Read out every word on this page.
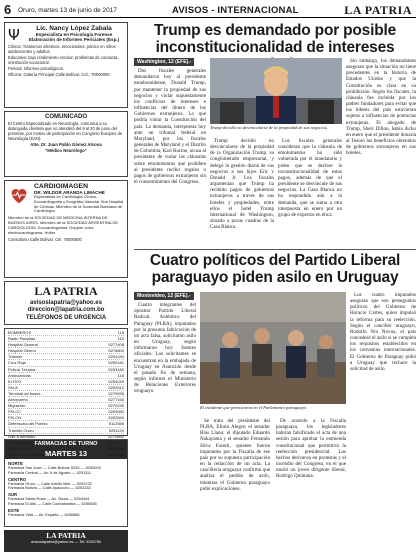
6 Oruro, martes 13 de junio de 2017	AVISOS - INTERNACIONAL	LA PATRIA
Ψ	Lic. Nancy López Zabala
Especialista en Psicología Forense
Elaboración de Informes Periciales (Esp.)

Clínica: Trastornos afectivos, emocionales, pánico en niños adolescentes y adultos.

Educativo: bajo rendimiento escolar, problemas de conducta, orientación vocacional.

Pericial: informes psicológicos.

Oficina: Galería Principal Calle Bolívar. Cel.: 70000000
COMUNICADO
El Centro Especializado en Neurología, comunica a su distinguida clientela que no atenderá del 9 al 20 de junio del presente, por motivo de participación en Congreso Europeo de Neurología (EAN).
Atte. Dr. Juan Pablo Gómez Alcona
"Médico Neurólogo"
CARDIOIMAGEN
DR. WILDOR ARANDA LIMACHE
Especialista en Cardiología Clínica, Ecocardiografía y Ecografía Vascular Sus Hospital de Clínicas. Miembro de la Sociedad Boliviana de Cardiología.
Miembro de la SOCIEDAD DE MEDICINA INTERNA DE BUENOS AIRES. Miembro de la SOCIEDAD ARGENTINA DE CARDIOLOGÍA. Ecocardiograma. Doppler color, electrocardiograma. Holter.
Consultorio Calle Bolívar. Cel. 70000000
LA PATRIA
avisoslapatria@yahoo.es
direccion@lapatria.com.bo
TELÉFONOS DE URGENCIA
BOMBEROS	119
Radio Patrullas	110
Hospital General	5277408
Hospital Obrero	5276800
Tránsito	5251040
Cruz Roja	5250181
Policía Técnica	5253180
Ambulancias	118
ELFEO	5254040
SeLA	5252510
Terminal de buses	5279535
Aeropuerto	5277160
Migración	5270239
FELCC	5253060
FELCN	5252840
Defensoría del Pueblo	5112566
Tránsito Oruro	5251120
Gas a domicilio	5270850
Farmacias de turno	5254171
Radio Taxis	5270600
Cementerio General	5276190
FARMACIAS DE TURNO
MARTES 13
NORTE
Farmacia San Juan — Calle Bolívar 5240 — 5250000
Farmacia Central — Av. 6 de Agosto — 5251111
CENTRO
Farmacia Oruro — Calle Adolfo Mier — 5252222
Farmacia Bolivia — Calle Ayacucho — 5253333
SUR
Farmacia Santa Rosa — Av. Tacna — 5254444
Farmacia El Alto — Calle Cochabamba — 5255555
ESTE
Farmacia Vida — Av. España — 5256666
LA PATRIA
avisoslapatria@yahoo.es — Tel: 5250780
Trump es demandado por posible inconstitucionalidad de intereses
Washington, 12 (EFE).-

Dos fiscales generales demandaron hoy al presidente estadounidense, Donald Trump, por mantener la propiedad de sus negocios y violar supuestamente los conflictos de intereses e influencias del dinero de los Gobiernos extranjeros. Lo que podría violar la Constitución del país. La demanda, interpuesta hoy ante un tribunal federal en Maryland, por los fiscales generales de Maryland y el Distrito de Columbia, Karl Racine, acusa al presidente de violar las cláusulas sobre emolumentos que prohíben al presidente recibir regalos o pagos de gobiernos extranjeros sin el consentimiento del Congreso.

Trump decidió no desvincularse de la propiedad de sus negocios.

Trump decidió no desvincularse de la propiedad de la Organización Trump, su conglomerado empresarial, y delegó la gestión diaria de sus negocios a sus hijos Eric y Donald Jr. Los fiscales argumentan que Trump ha recibido pagos de gobiernos extranjeros a través de sus hoteles y propiedades, entre ellos el hotel Trump International de Washington, situado a pocas cuadras de la Casa Blanca.

Los fiscales generales consideran que la cláusula de emolumentos ha sido vulnerada por el mandatario y piden que se declare la inconstitucionalidad de estos pagos, además de que el presidente se desvincule de sus negocios. La Casa Blanca no ha respondido aún a la demanda, que se suma a otra interpuesta en enero por un grupo de expertos en ética.

Sin embargo, los demandantes aseguran que la situación no tiene precedentes en la historia de Estados Unidos y que la Constitución es clara en su prohibición. Según los fiscales, la cláusula fue incluida por los padres fundadores para evitar que los líderes del país estuvieran sujetos a influencias de potencias extranjeras. El abogado de Trump, Sheri Dillon, había dicho en enero que el presidente donaría al Tesoro los beneficios obtenidos de gobiernos extranjeros en sus hoteles.

Cuatro políticos del Partido Liberal paraguayo piden asilo en Uruguay
Montevideo, 12 (EFE).-

Cuatro integrantes del opositor Partido Liberal Radical Auténtico del Paraguay (PLRA), imputados por la presunta fabricación de un acta falsa, solicitaron asilo en Uruguay, según informaron hoy fuentes oficiales. Los solicitantes se encuentran en la embajada de Uruguay en Asunción desde el pasado fin de semana, según informó el Ministerio de Relaciones Exteriores uruguayo.

El incidente que provocaron en el Parlamento paraguayo.

Se trata del presidente del PLRA, Efraín Alegre; el senador Blas Llano; el diputado Eduardo Nakayama y el senador Fernando Silva Facetti, quienes fueron imputados por la Fiscalía de ese país por su supuesta participación en la redacción de un acta. La cancillería uruguaya confirmó que analiza el pedido de asilo, mientras el Gobierno paraguayo pidió explicaciones.

De acuerdo a la Fiscalía paraguaya, los legisladores habrían falsificado el acta de una sesión para aprobar la enmienda constitucional que permitiría la reelección presidencial. Los hechos derivaron en protestas y el incendio del Congreso, en el que murió un joven dirigente liberal, Rodrigo Quintana.

Los cuatro imputados aseguran que son perseguidos políticos del Gobierno de Horacio Cartes, quien impulsó la reforma para su reelección. Según el canciller uruguayo, Rodolfo Nin Novoa, el país concederá el asilo si se cumplen los requisitos establecidos en los convenios internacionales. El Gobierno de Paraguay pidió a Uruguay que rechace la solicitud de asilo.
